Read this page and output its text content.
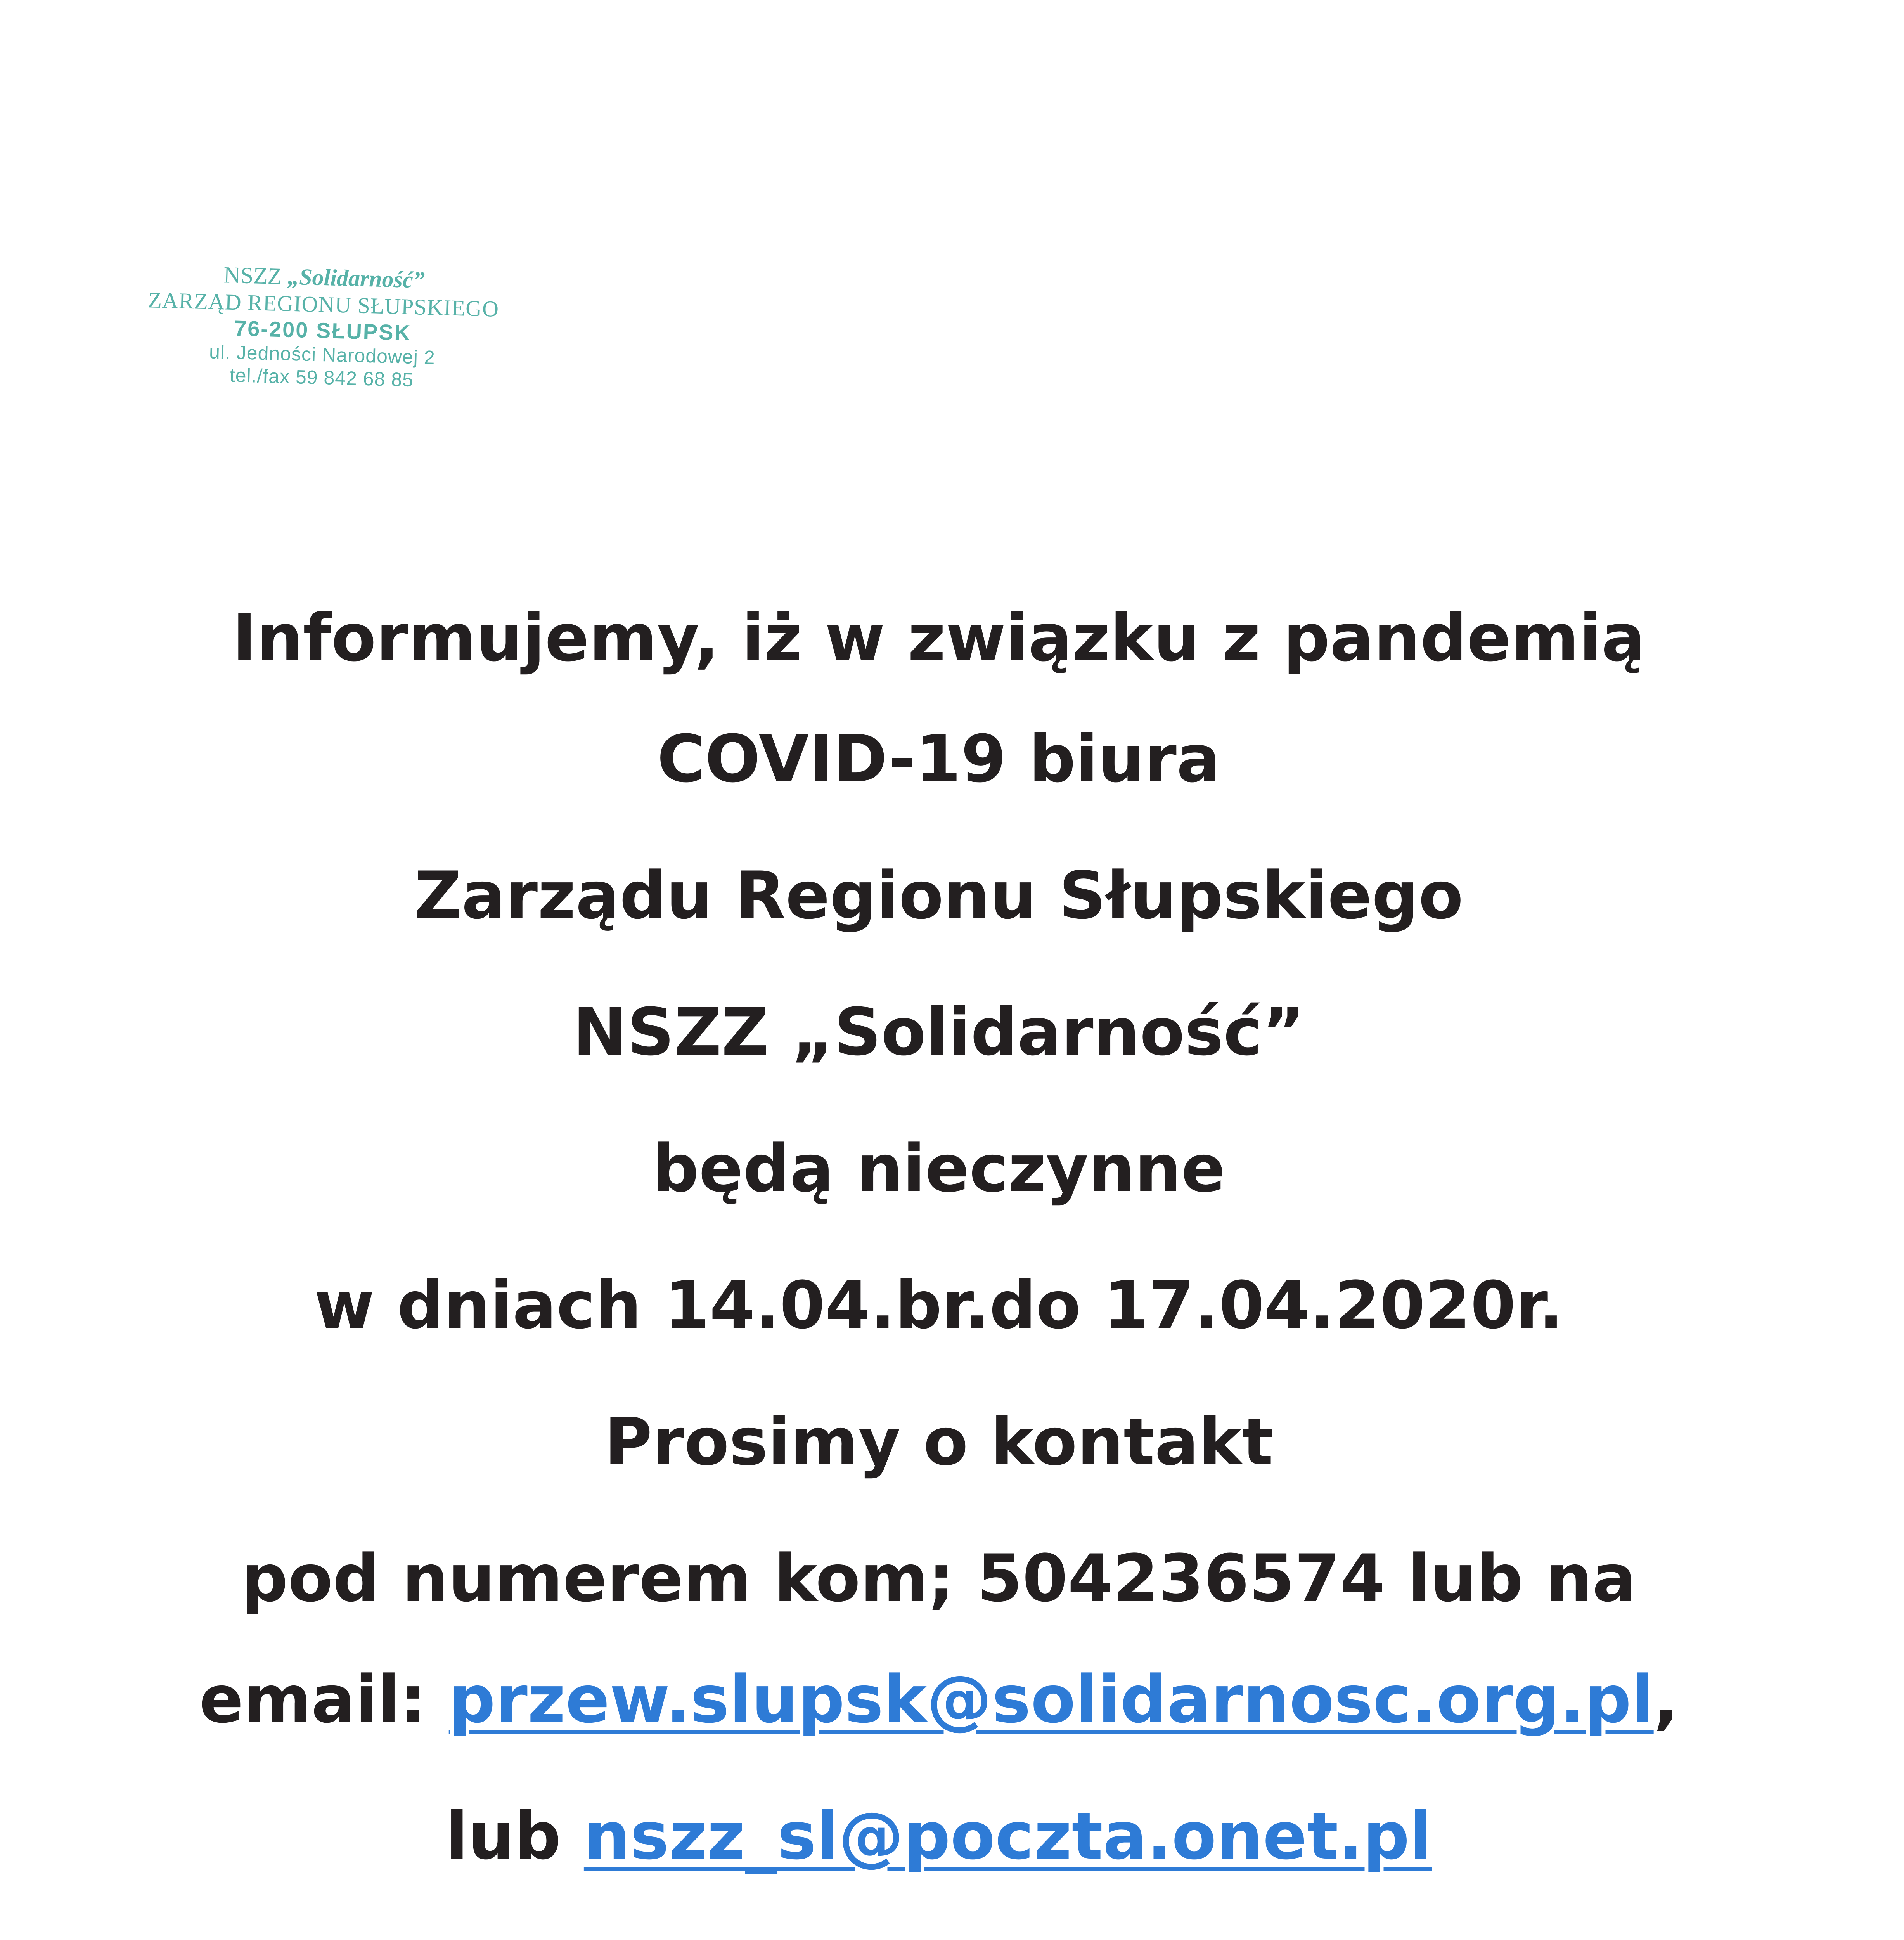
NSZZ „Solidarność”
ZARZĄD REGIONU SŁUPSKIEGO
76-200 SŁUPSK
ul. Jedności Narodowej 2
tel./fax 59 842 68 85
Informujemy, iż w związku z pandemią
COVID-19 biura
Zarządu Regionu Słupskiego
NSZZ „Solidarność”
będą nieczynne
w dniach 14.04.br.do 17.04.2020r.
Prosimy o kontakt
pod numerem kom; 504236574 lub na
email: przew.slupsk@solidarnosc.org.pl,
lub nszz_sl@poczta.onet.pl
